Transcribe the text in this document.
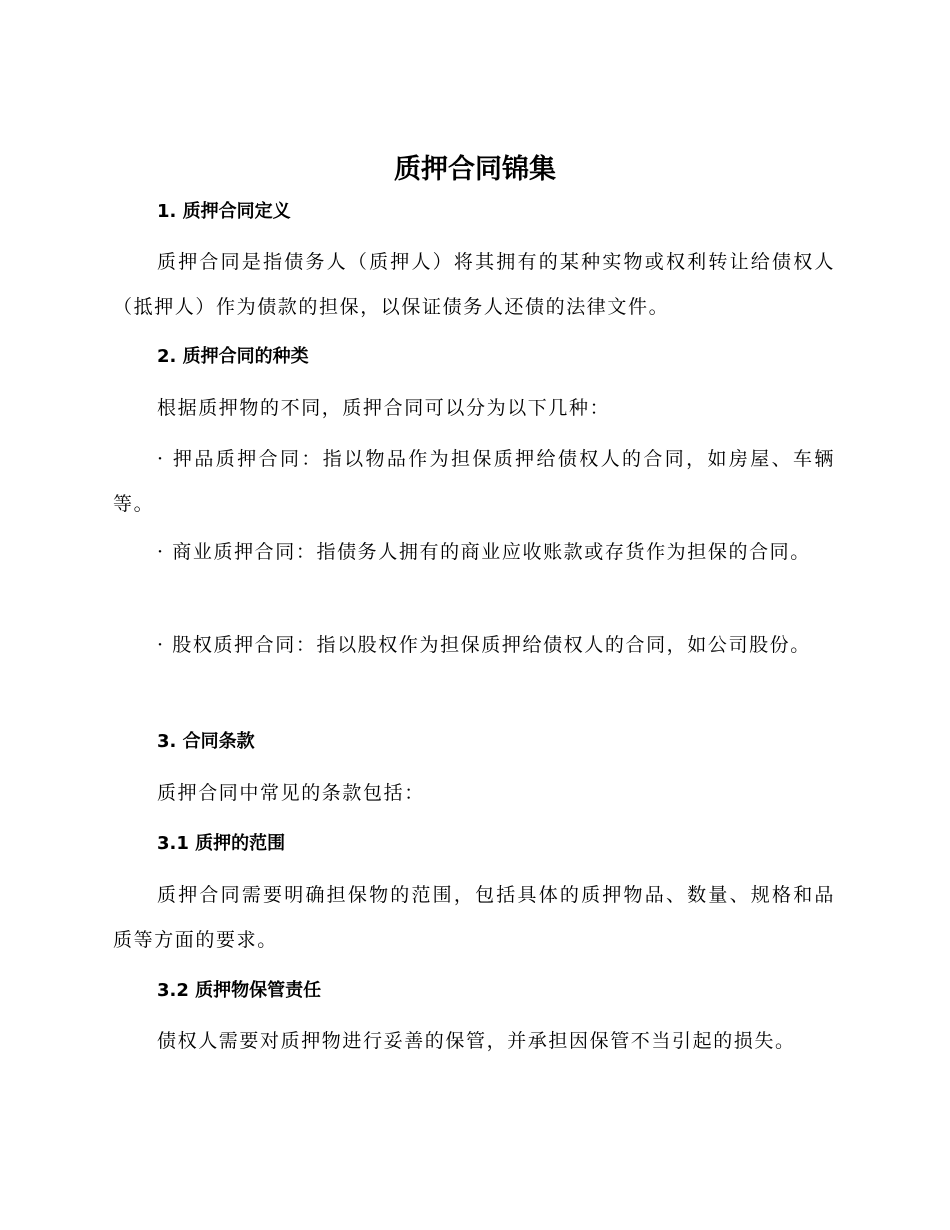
质押合同锦集
1. 质押合同定义

质押合同是指债务人（质押人）将其拥有的某种实物或权利转让给债权人（抵押人）作为债款的担保，以保证债务人还债的法律文件。

2. 质押合同的种类

根据质押物的不同，质押合同可以分为以下几种：

· 押品质押合同：指以物品作为担保质押给债权人的合同，如房屋、车辆等。

· 商业质押合同：指债务人拥有的商业应收账款或存货作为担保的合同。

· 股权质押合同：指以股权作为担保质押给债权人的合同，如公司股份。

3. 合同条款

质押合同中常见的条款包括：

3.1 质押的范围

质押合同需要明确担保物的范围，包括具体的质押物品、数量、规格和品质等方面的要求。

3.2 质押物保管责任

债权人需要对质押物进行妥善的保管，并承担因保管不当引起的损失。
